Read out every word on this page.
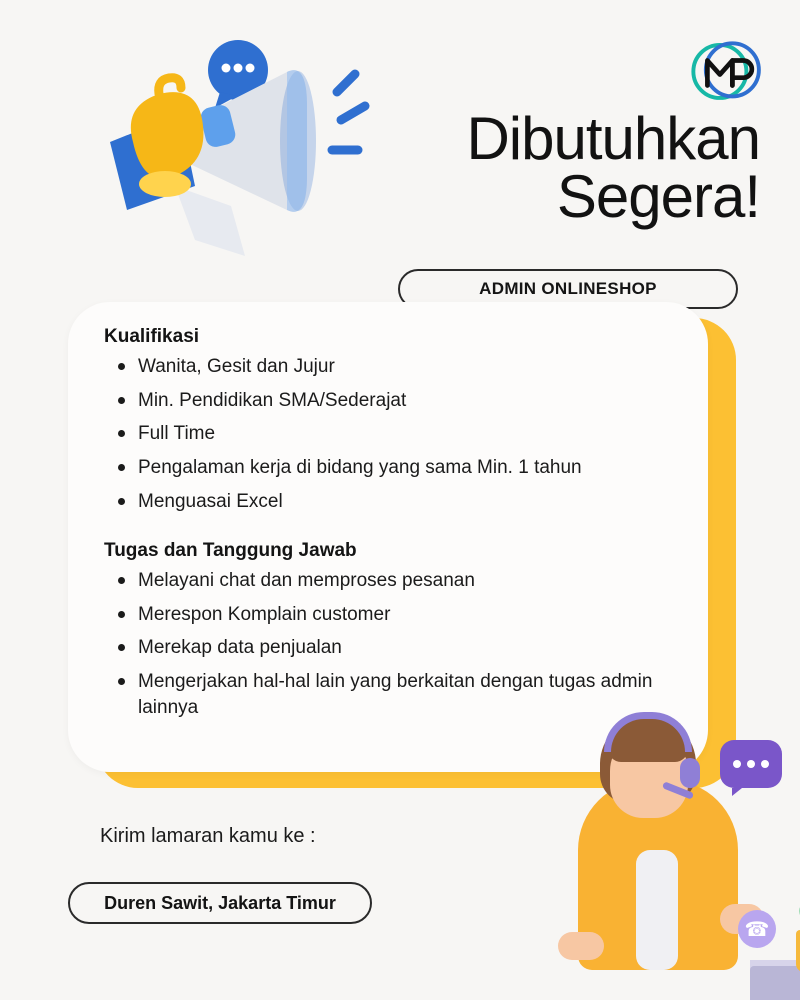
Dibutuhkan
Segera!
ADMIN ONLINESHOP
Kualifikasi
Wanita, Gesit dan Jujur
Min. Pendidikan SMA/Sederajat
Full Time
Pengalaman kerja di bidang yang sama Min. 1 tahun
Menguasai Excel
Tugas dan Tanggung Jawab
Melayani chat dan memproses pesanan
Merespon Komplain customer
Merekap data penjualan
Mengerjakan hal-hal lain yang berkaitan dengan tugas admin lainnya
Kirim lamaran kamu ke :
Duren Sawit, Jakarta Timur
☎
